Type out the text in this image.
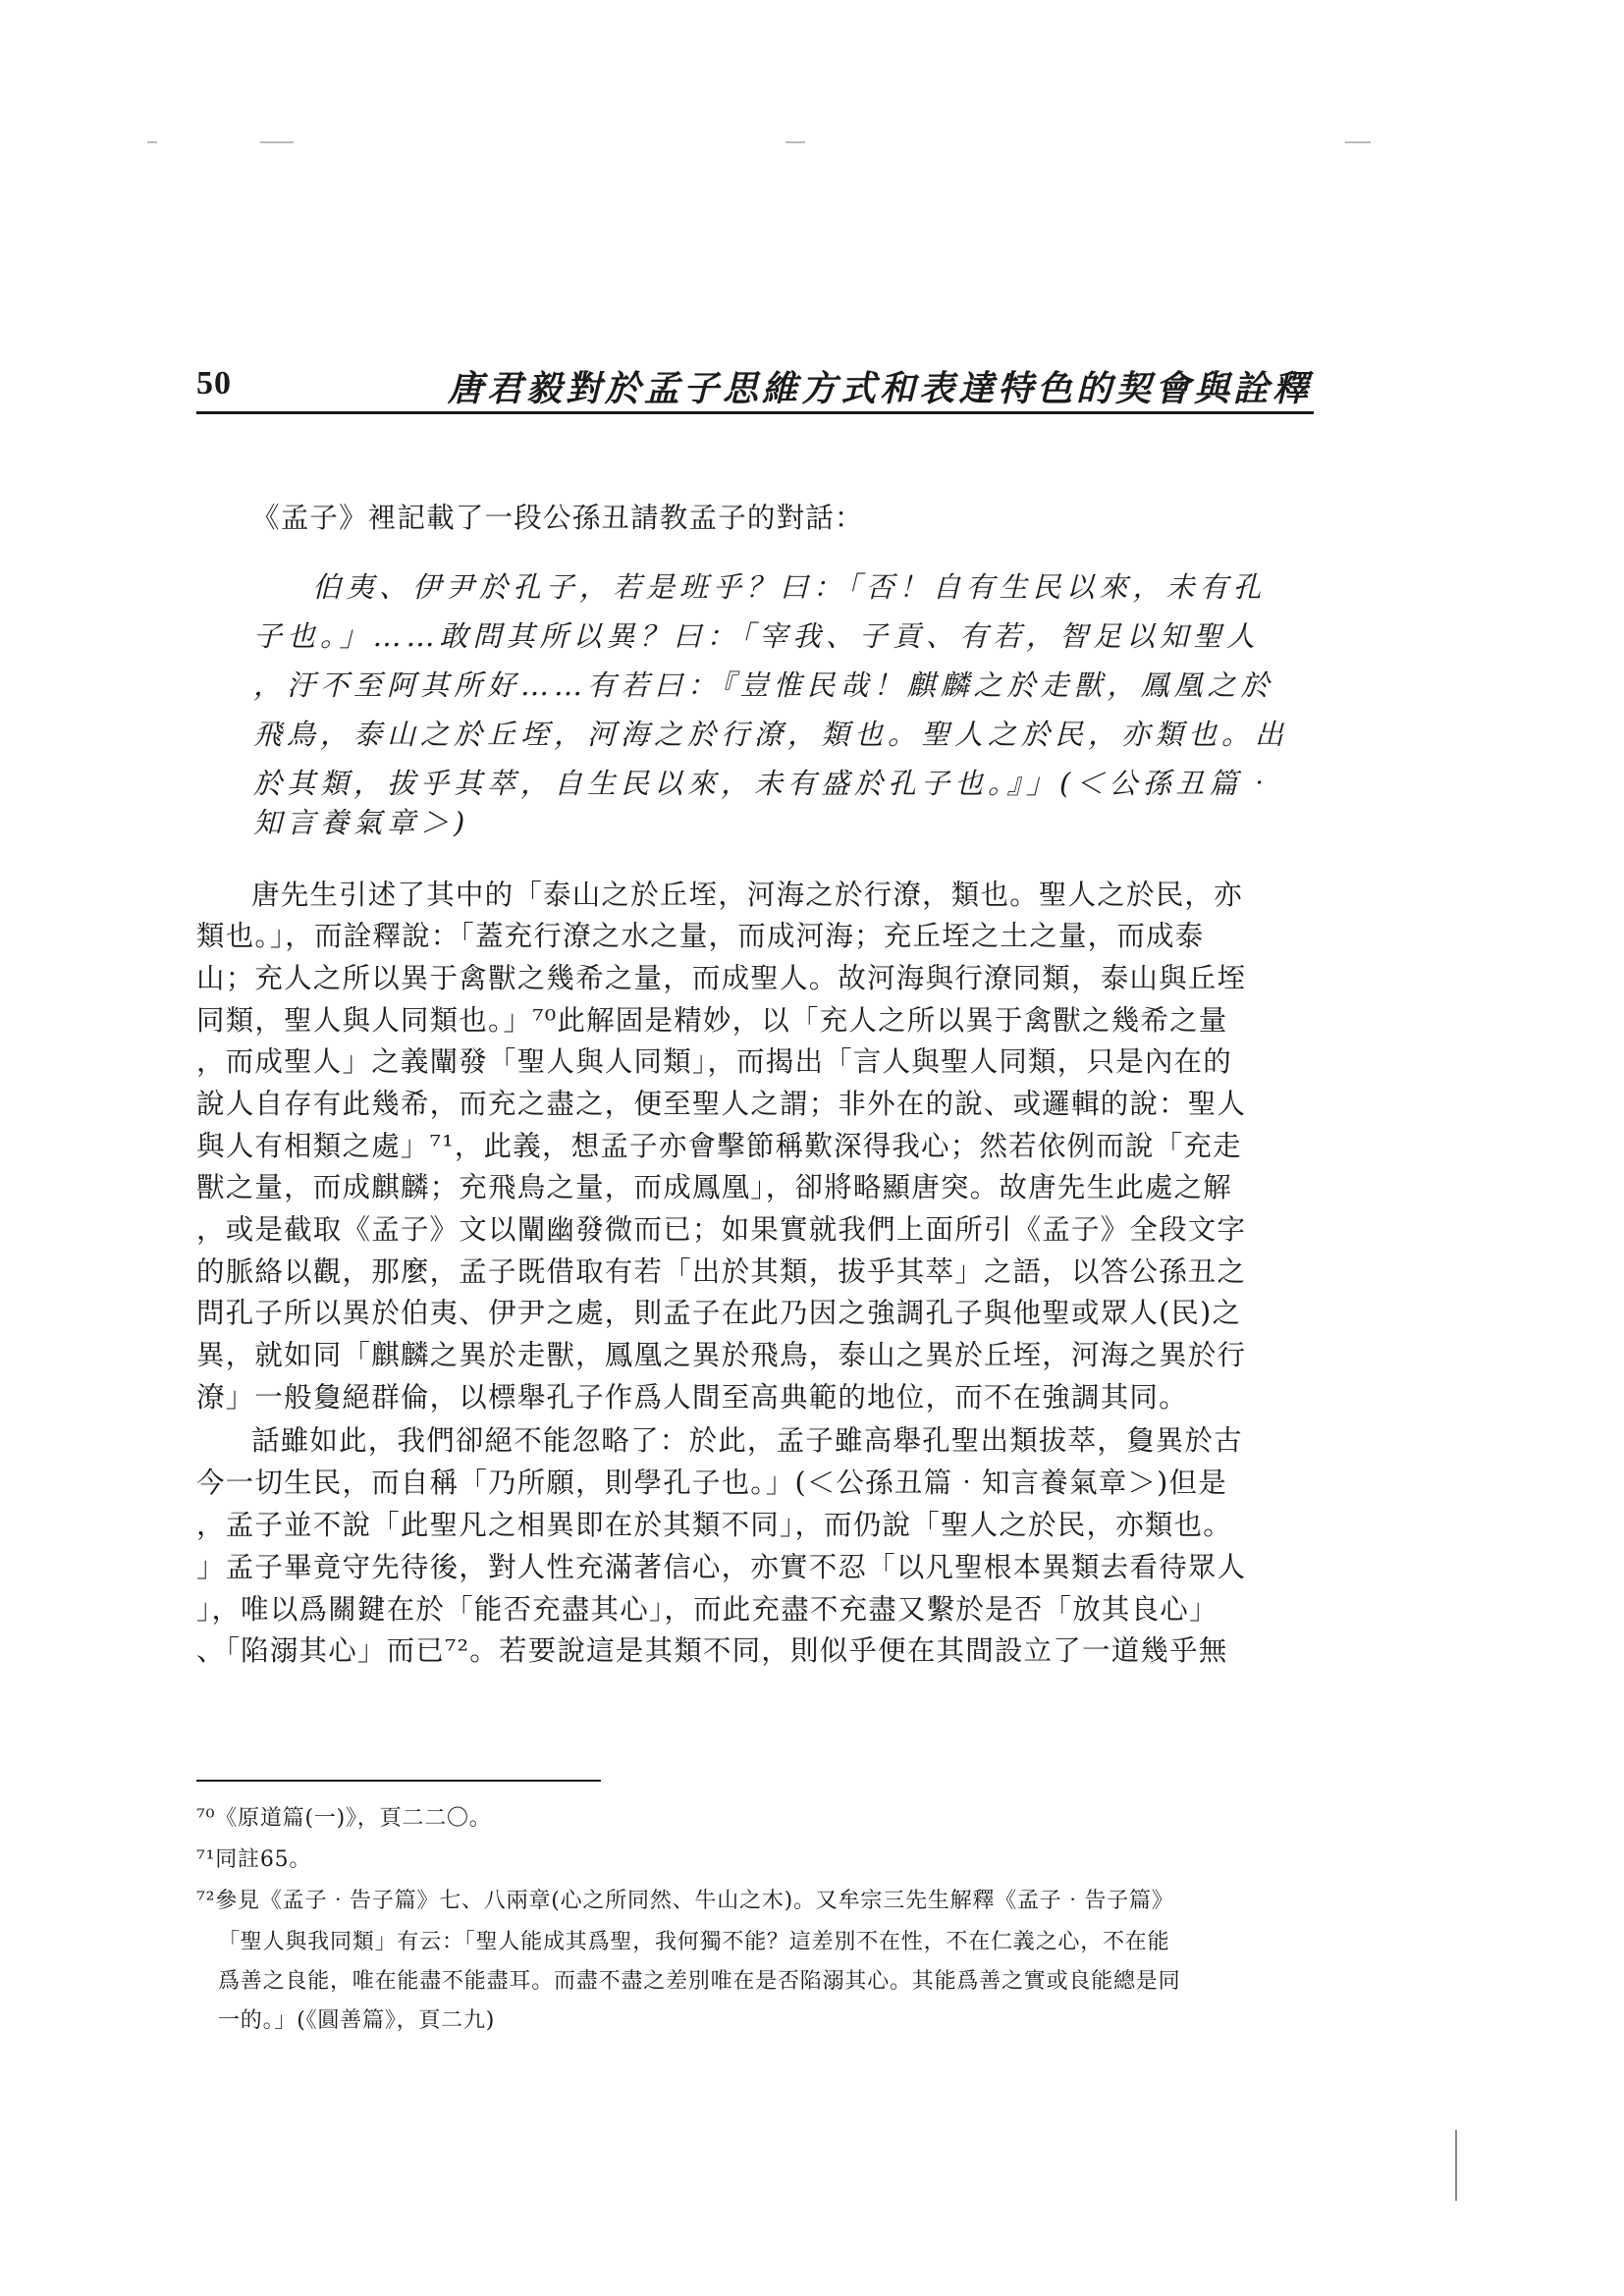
50	唐君毅對於孟子思維方式和表達特色的契會與詮釋
《孟子》裡記載了一段公孫丑請教孟子的對話：
伯夷、伊尹於孔子，若是班乎？曰：「否！自有生民以來，未有孔
子也。」……敢問其所以異？曰：「宰我、子貢、有若，智足以知聖人
，汙不至阿其所好……有若曰：『豈惟民哉！麒麟之於走獸，鳳凰之於
飛鳥，泰山之於丘垤，河海之於行潦，類也。聖人之於民，亦類也。出
於其類，拔乎其萃，自生民以來，未有盛於孔子也。』」(＜公孫丑篇‧
知言養氣章＞)
唐先生引述了其中的「泰山之於丘垤，河海之於行潦，類也。聖人之於民，亦
類也。」，而詮釋說：「蓋充行潦之水之量，而成河海；充丘垤之土之量，而成泰
山；充人之所以異于禽獸之幾希之量，而成聖人。故河海與行潦同類，泰山與丘垤
同類，聖人與人同類也。」⁷⁰此解固是精妙，以「充人之所以異于禽獸之幾希之量
，而成聖人」之義闡發「聖人與人同類」，而揭出「言人與聖人同類，只是內在的
說人自存有此幾希，而充之盡之，便至聖人之謂；非外在的說、或邏輯的說：聖人
與人有相類之處」⁷¹，此義，想孟子亦會擊節稱歎深得我心；然若依例而說「充走
獸之量，而成麒麟；充飛鳥之量，而成鳳凰」，卻將略顯唐突。故唐先生此處之解
，或是截取《孟子》文以闡幽發微而已；如果實就我們上面所引《孟子》全段文字
的脈絡以觀，那麼，孟子既借取有若「出於其類，拔乎其萃」之語，以答公孫丑之
問孔子所以異於伯夷、伊尹之處，則孟子在此乃因之強調孔子與他聖或眾人(民)之
異，就如同「麒麟之異於走獸，鳳凰之異於飛鳥，泰山之異於丘垤，河海之異於行
潦」一般敻絕群倫，以標舉孔子作爲人間至高典範的地位，而不在強調其同。
話雖如此，我們卻絕不能忽略了：於此，孟子雖高舉孔聖出類拔萃，敻異於古
今一切生民，而自稱「乃所願，則學孔子也。」(＜公孫丑篇‧知言養氣章＞)但是
，孟子並不說「此聖凡之相異即在於其類不同」，而仍說「聖人之於民，亦類也。
」孟子畢竟守先待後，對人性充滿著信心，亦實不忍「以凡聖根本異類去看待眾人
」，唯以爲關鍵在於「能否充盡其心」，而此充盡不充盡又繫於是否「放其良心」
、「陷溺其心」而已⁷²。若要說這是其類不同，則似乎便在其間設立了一道幾乎無
⁷⁰《原道篇(一)》，頁二二〇。
⁷¹同註65。
⁷²參見《孟子‧告子篇》七、八兩章(心之所同然、牛山之木)。又牟宗三先生解釋《孟子‧告子篇》
「聖人與我同類」有云：「聖人能成其爲聖，我何獨不能？這差別不在性，不在仁義之心，不在能
爲善之良能，唯在能盡不能盡耳。而盡不盡之差別唯在是否陷溺其心。其能爲善之實或良能總是同
一的。」(《圓善篇》，頁二九)
